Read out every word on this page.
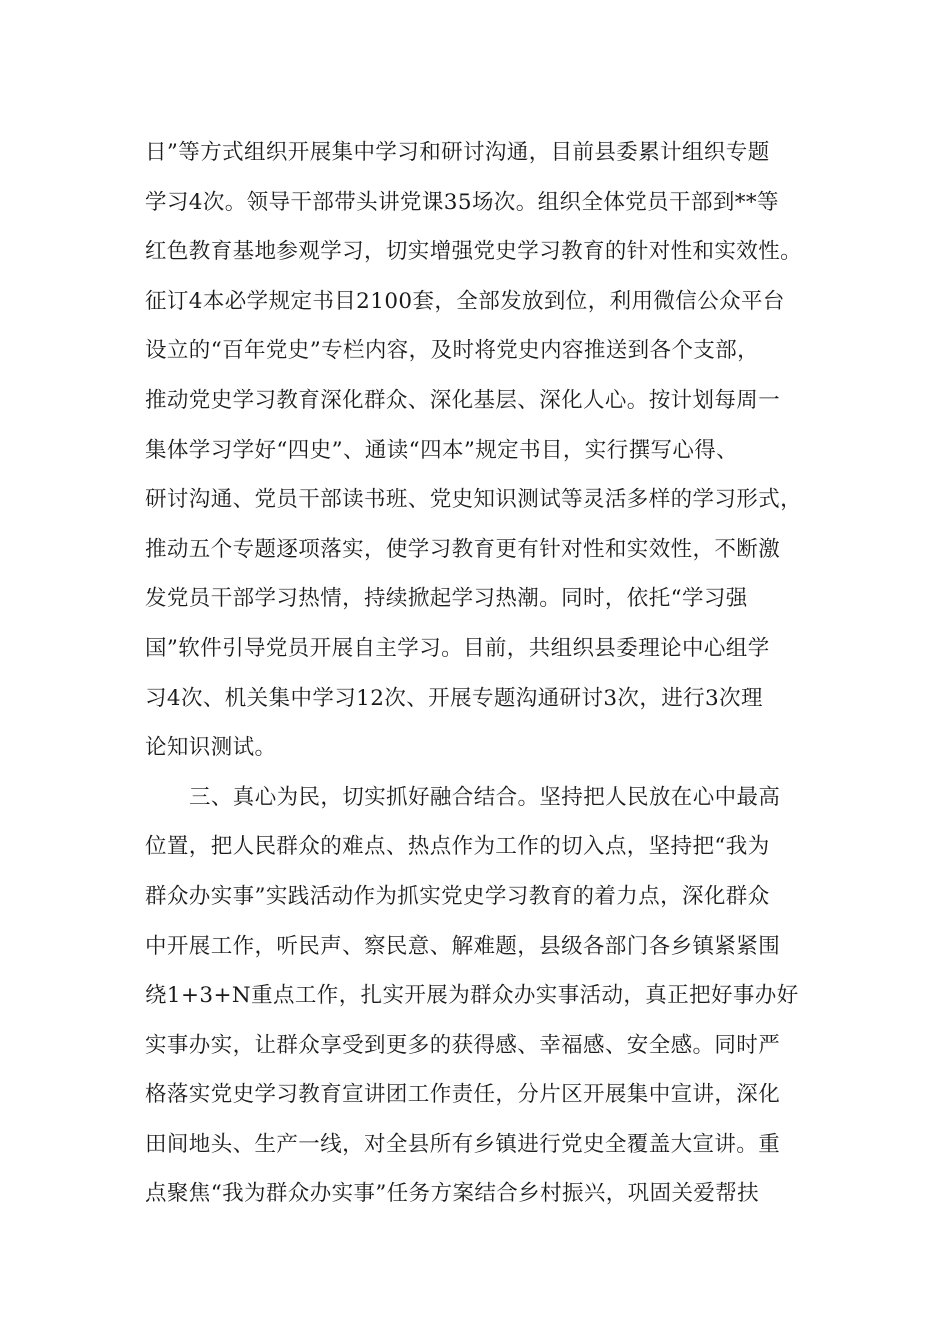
日”等方式组织开展集中学习和研讨沟通，目前县委累计组织专题
学习4次。领导干部带头讲党课35场次。组织全体党员干部到**等
红色教育基地参观学习，切实增强党史学习教育的针对性和实效性。
征订4本必学规定书目2100套，全部发放到位，利用微信公众平台
设立的“百年党史”专栏内容，及时将党史内容推送到各个支部，
推动党史学习教育深化群众、深化基层、深化人心。按计划每周一
集体学习学好“四史”、通读“四本”规定书目，实行撰写心得、
研讨沟通、党员干部读书班、党史知识测试等灵活多样的学习形式，
推动五个专题逐项落实，使学习教育更有针对性和实效性，不断激
发党员干部学习热情，持续掀起学习热潮。同时，依托“学习强
国”软件引导党员开展自主学习。目前，共组织县委理论中心组学
习4次、机关集中学习12次、开展专题沟通研讨3次，进行3次理
论知识测试。
三、真心为民，切实抓好融合结合。坚持把人民放在心中最高
位置，把人民群众的难点、热点作为工作的切入点，坚持把“我为
群众办实事”实践活动作为抓实党史学习教育的着力点，深化群众
中开展工作，听民声、察民意、解难题，县级各部门各乡镇紧紧围
绕1+3+N重点工作，扎实开展为群众办实事活动，真正把好事办好
实事办实，让群众享受到更多的获得感、幸福感、安全感。同时严
格落实党史学习教育宣讲团工作责任，分片区开展集中宣讲，深化
田间地头、生产一线，对全县所有乡镇进行党史全覆盖大宣讲。重
点聚焦“我为群众办实事”任务方案结合乡村振兴，巩固关爱帮扶
